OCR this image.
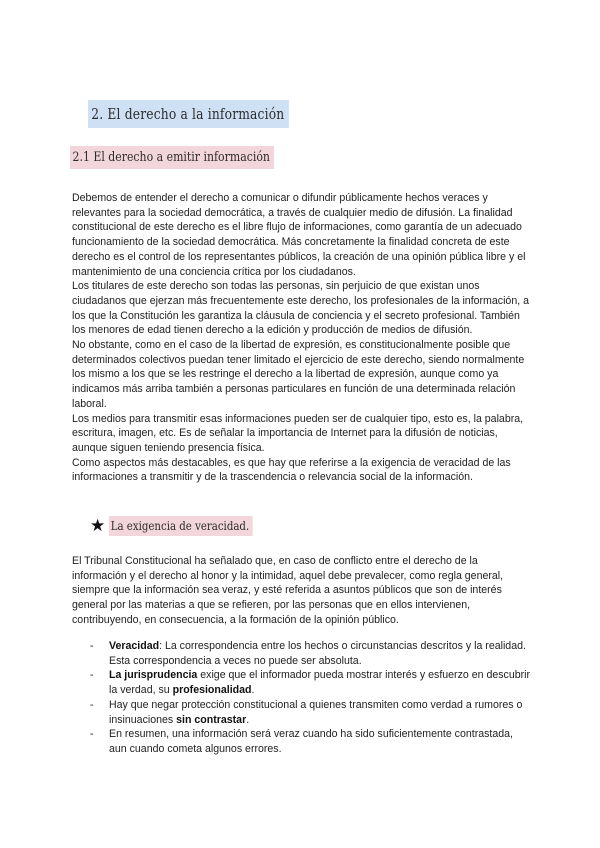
2. El derecho a la información
2.1 El derecho a emitir información

Debemos de entender el derecho a comunicar o difundir públicamente hechos veraces y relevantes para la sociedad democrática, a través de cualquier medio de difusión. La finalidad constitucional de este derecho es el libre flujo de informaciones, como garantía de un adecuado funcionamiento de la sociedad democrática. Más concretamente la finalidad concreta de este derecho es el control de los representantes públicos, la creación de una opinión pública libre y el mantenimiento de una conciencia crítica por los ciudadanos.

Los titulares de este derecho son todas las personas, sin perjuicio de que existan unos ciudadanos que ejerzan más frecuentemente este derecho, los profesionales de la información, a los que la Constitución les garantiza la cláusula de conciencia y el secreto profesional. También los menores de edad tienen derecho a la edición y producción de medios de difusión.

No obstante, como en el caso de la libertad de expresión, es constitucionalmente posible que determinados colectivos puedan tener limitado el ejercicio de este derecho, siendo normalmente los mismo a los que se les restringe el derecho a la libertad de expresión, aunque como ya indicamos más arriba también a personas particulares en función de una determinada relación laboral.

Los medios para transmitir esas informaciones pueden ser de cualquier tipo, esto es, la palabra, escritura, imagen, etc. Es de señalar la importancia de Internet para la difusión de noticias, aunque siguen teniendo presencia física.

Como aspectos más destacables, es que hay que referirse a la exigencia de veracidad de las informaciones a transmitir y de la trascendencia o relevancia social de la información.

★ La exigencia de veracidad.

El Tribunal Constitucional ha señalado que, en caso de conflicto entre el derecho de la información y el derecho al honor y la intimidad, aquel debe prevalecer, como regla general, siempre que la información sea veraz, y esté referida a asuntos públicos que son de interés general por las materias a que se refieren, por las personas que en ellos intervienen, contribuyendo, en consecuencia, a la formación de la opinión público.

- Veracidad: La correspondencia entre los hechos o circunstancias descritos y la realidad. Esta correspondencia a veces no puede ser absoluta.
- La jurisprudencia exige que el informador pueda mostrar interés y esfuerzo en descubrir la verdad, su profesionalidad.
- Hay que negar protección constitucional a quienes transmiten como verdad a rumores o insinuaciones sin contrastar.
- En resumen, una información será veraz cuando ha sido suficientemente contrastada, aun cuando cometa algunos errores.
